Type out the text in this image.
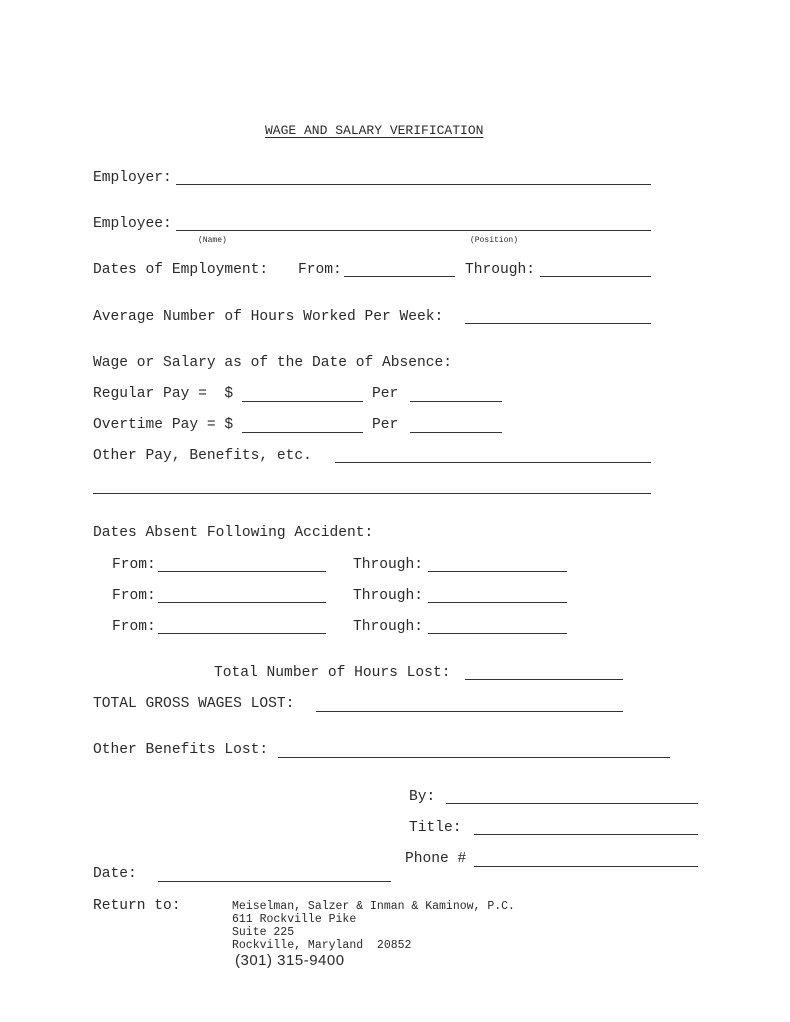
WAGE AND SALARY VERIFICATION
Employer:
Employee:
(Name)	(Position)
Dates of Employment: From:	Through:
Average Number of Hours Worked Per Week:
Wage or Salary as of the Date of Absence:
Regular Pay =  $	Per
Overtime Pay = $	Per
Other Pay, Benefits, etc.
Dates Absent Following Accident:
From:	Through:
From:	Through:
From:	Through:
Total Number of Hours Lost:
TOTAL GROSS WAGES LOST:
Other Benefits Lost:
By:
Title:
Phone #
Date:
Return to:	Meiselman, Salzer & Inman & Kaminow, P.C.
611 Rockville Pike
Suite 225
Rockville, Maryland  20852
(301) 315-9400
